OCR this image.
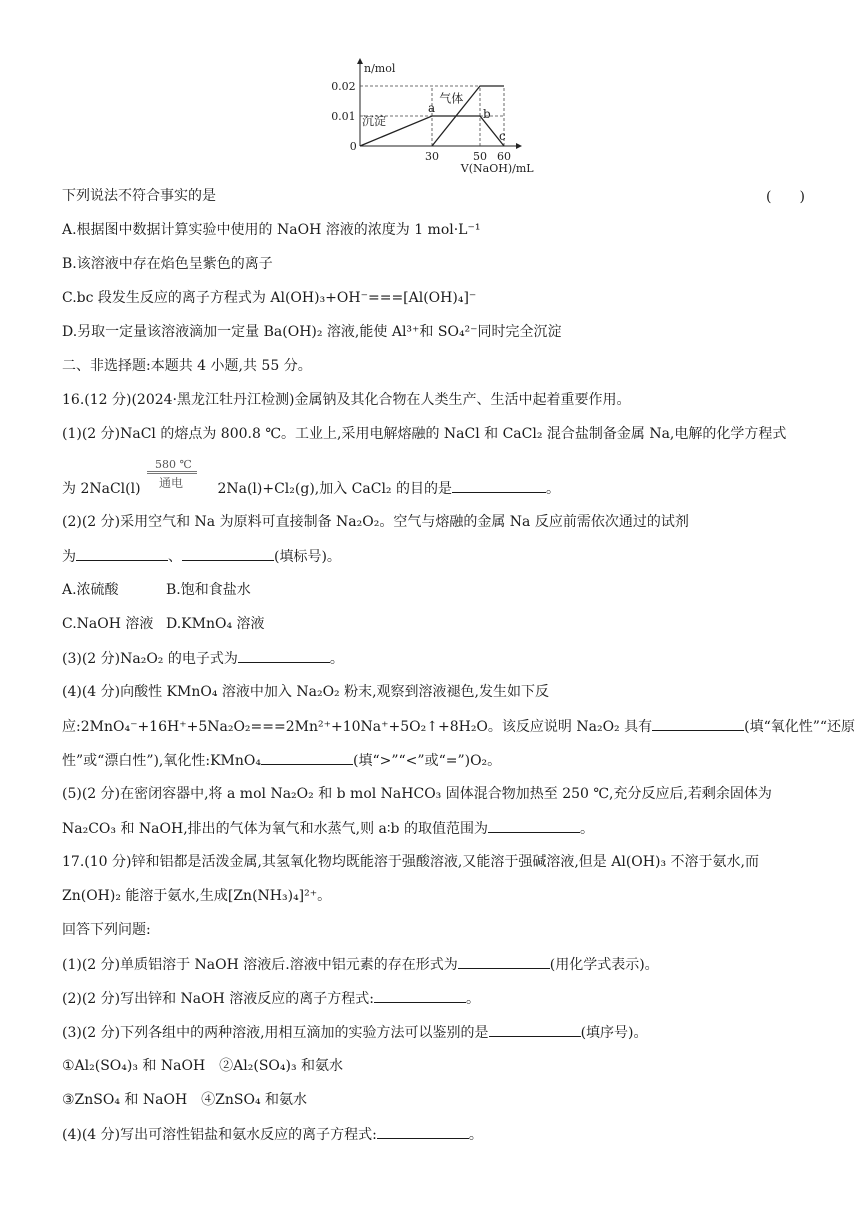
n/mol
V(NaOH)/mL
0.02
0.01
0
30	50 60
a	b
c
沉淀
气体
下列说法不符合事实的是	(　　)
A.根据图中数据计算实验中使用的 NaOH 溶液的浓度为 1 mol·L⁻¹
B.该溶液中存在焰色呈紫色的离子
C.bc 段发生反应的离子方程式为 Al(OH)₃+OH⁻===[Al(OH)₄]⁻
D.另取一定量该溶液滴加一定量 Ba(OH)₂ 溶液,能使 Al³⁺和 SO₄²⁻同时完全沉淀
二、非选择题:本题共 4 小题,共 55 分。
16.(12 分)(2024·黑龙江牡丹江检测)金属钠及其化合物在人类生产、生活中起着重要作用。
(1)(2 分)NaCl 的熔点为 800.8 ℃。工业上,采用电解熔融的 NaCl 和 CaCl₂ 混合盐制备金属 Na,电解的化学方程式
为 2NaCl(l)
580 ℃
通电 2Na(l)+Cl₂(g),加入 CaCl₂ 的目的是	。
(2)(2 分)采用空气和 Na 为原料可直接制备 Na₂O₂。空气与熔融的金属 Na 反应前需依次通过的试剂
为	、	(填标号)。
A.浓硫酸	B.饱和食盐水
C.NaOH 溶液 D.KMnO₄ 溶液
(3)(2 分)Na₂O₂ 的电子式为	。
(4)(4 分)向酸性 KMnO₄ 溶液中加入 Na₂O₂ 粉末,观察到溶液褪色,发生如下反
应:2MnO₄⁻+16H⁺+5Na₂O₂===2Mn²⁺+10Na⁺+5O₂↑+8H₂O。该反应说明 Na₂O₂ 具有	(填“氧化性”“还原
性”或“漂白性”),氧化性:KMnO₄	(填“>”“<”或“=”)O₂。
(5)(2 分)在密闭容器中,将 a mol Na₂O₂ 和 b mol NaHCO₃ 固体混合物加热至 250 ℃,充分反应后,若剩余固体为
Na₂CO₃ 和 NaOH,排出的气体为氧气和水蒸气,则 a∶b 的取值范围为	。
17.(10 分)锌和铝都是活泼金属,其氢氧化物均既能溶于强酸溶液,又能溶于强碱溶液,但是 Al(OH)₃ 不溶于氨水,而
Zn(OH)₂ 能溶于氨水,生成[Zn(NH₃)₄]²⁺。
回答下列问题:
(1)(2 分)单质铝溶于 NaOH 溶液后.溶液中铝元素的存在形式为	(用化学式表示)。
(2)(2 分)写出锌和 NaOH 溶液反应的离子方程式:	。
(3)(2 分)下列各组中的两种溶液,用相互滴加的实验方法可以鉴别的是	(填序号)。
①Al₂(SO₄)₃ 和 NaOH　②Al₂(SO₄)₃ 和氨水
③ZnSO₄ 和 NaOH　④ZnSO₄ 和氨水
(4)(4 分)写出可溶性铝盐和氨水反应的离子方程式:	。
